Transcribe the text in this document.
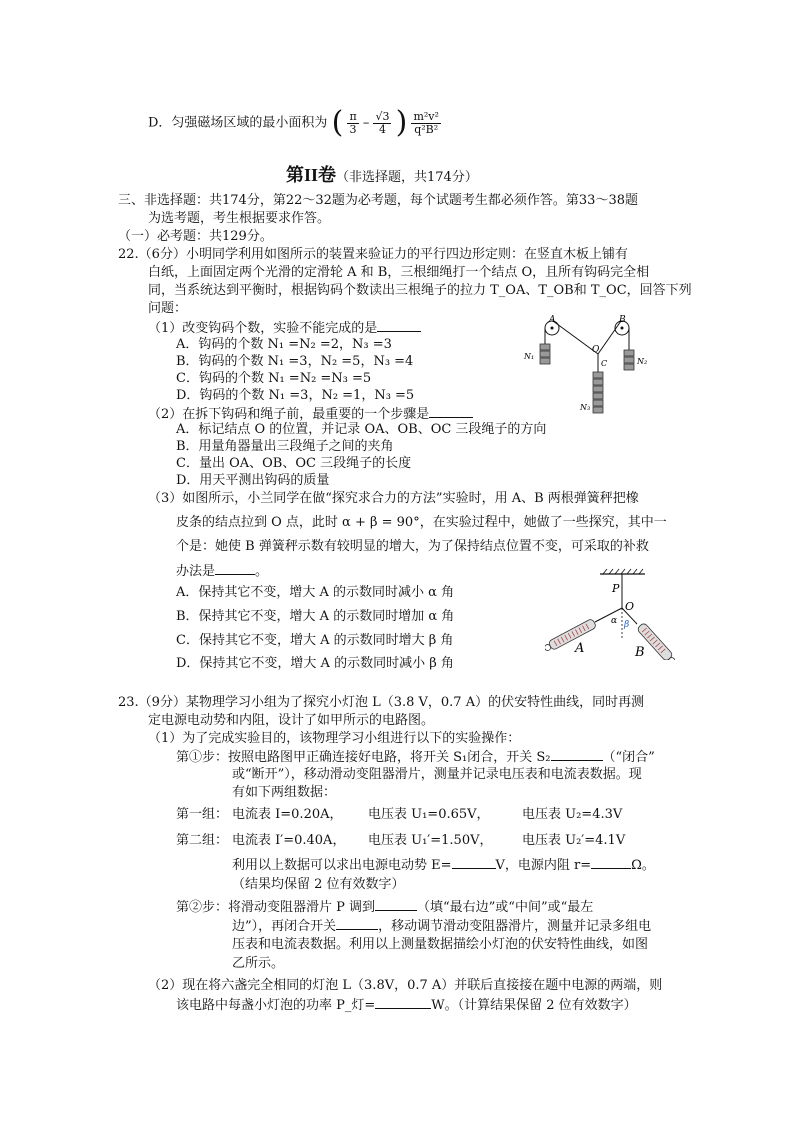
D．匀强磁场区域的最小面积为 ( $\frac{\pi}{3} - \frac{√3}{4}$ ) $\frac{\text{m²v²}}{\text{q²B²}}$
第II卷（非选择题，共174分）
三、非选择题：共174分，第22～32题为必考题，每个试题考生都必须作答。第33～38题
为选考题，考生根据要求作答。
（一）必考题：共129分。
22.（6分）小明同学利用如图所示的装置来验证力的平行四边形定则：在竖直木板上铺有
白纸，上面固定两个光滑的定滑轮 A 和 B，三根细绳打一个结点 O，且所有钩码完全相
同，当系统达到平衡时，根据钩码个数读出三根绳子的拉力 T_OA、T_OB和 T_OC，回答下列
问题：
（1）改变钩码个数，实验不能完成的是
A．钩码的个数 N₁ =N₂ =2，N₃ =3
B．钩码的个数 N₁ =3，N₂ =5，N₃ =4
C．钩码的个数 N₁ =N₂ =N₃ =5
D．钩码的个数 N₁ =3，N₂ =1，N₃ =5
（2）在拆下钩码和绳子前，最重要的一个步骤是
A．标记结点 O 的位置，并记录 OA、OB、OC 三段绳子的方向
B．用量角器量出三段绳子之间的夹角
C．量出 OA、OB、OC 三段绳子的长度
D．用天平测出钩码的质量
（3）如图所示，小兰同学在做“探究求合力的方法”实验时，用 A、B 两根弹簧秤把橡
皮条的结点拉到 O 点，此时 α + β = 90°，在实验过程中，她做了一些探究，其中一
个是：她使 B 弹簧秤示数有较明显的增大，为了保持结点位置不变，可采取的补救
办法是	。
A．保持其它不变，增大 A 的示数同时减小 α 角
B．保持其它不变，增大 A 的示数同时增加 α 角
C．保持其它不变，增大 A 的示数同时增大 β 角
D．保持其它不变，增大 A 的示数同时减小 β 角
A	B
O
C
N₁
N₂
N₃
P
O
α β
A	B
23.（9分）某物理学习小组为了探究小灯泡 L（3.8 V，0.7 A）的伏安特性曲线，同时再测
定电源电动势和内阻，设计了如甲所示的电路图。
（1）为了完成实验目的，该物理学习小组进行以下的实验操作：
第①步：按照电路图甲正确连接好电路，将开关 S₁闭合，开关 S₂	（“闭合”
或“断开”），移动滑动变阻器滑片，测量并记录电压表和电流表数据。现
有如下两组数据：
第一组： 电流表 I=0.20A， 电压表 U₁=0.65V， 电压表 U₂=4.3V
第二组： 电流表 I′=0.40A， 电压表 U₁′=1.50V， 电压表 U₂′=4.1V
利用以上数据可以求出电源电动势 E=	V，电源内阻 r=	Ω。
（结果均保留 2 位有效数字）
第②步：将滑动变阻器滑片 P 调到	（填“最右边”或“中间”或“最左
边”），再闭合开关	，移动调节滑动变阻器滑片，测量并记录多组电
压表和电流表数据。利用以上测量数据描绘小灯泡的伏安特性曲线，如图
乙所示。
（2）现在将六盏完全相同的灯泡 L（3.8V，0.7 A）并联后直接接在题中电源的两端，则
该电路中每盏小灯泡的功率 P_灯=	W。（计算结果保留 2 位有效数字）
